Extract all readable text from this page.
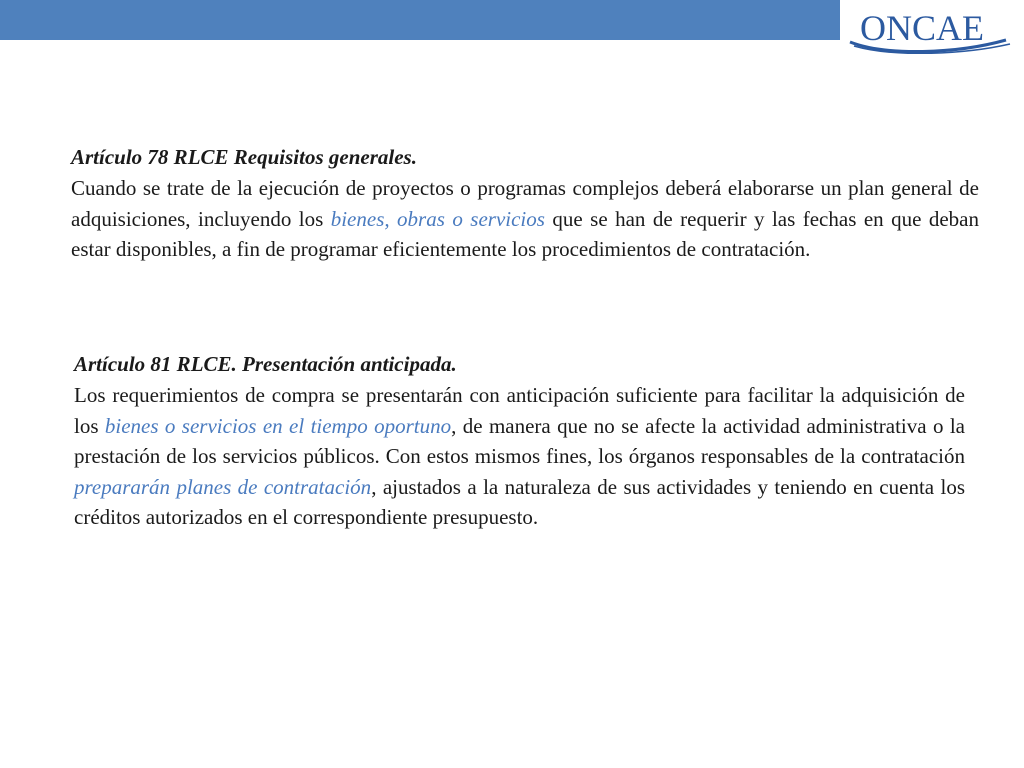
ONCAE
Artículo 78 RLCE Requisitos generales.
Cuando se trate de la ejecución de proyectos o programas complejos deberá elaborarse un plan general de adquisiciones, incluyendo los bienes, obras o servicios que se han de requerir y las fechas en que deban estar disponibles, a fin de programar eficientemente los procedimientos de contratación.
Artículo 81 RLCE. Presentación anticipada.
Los requerimientos de compra se presentarán con anticipación suficiente para facilitar la adquisición de los bienes o servicios en el tiempo oportuno, de manera que no se afecte la actividad administrativa o la prestación de los servicios públicos. Con estos mismos fines, los órganos responsables de la contratación prepararán planes de contratación, ajustados a la naturaleza de sus actividades y teniendo en cuenta los créditos autorizados en el correspondiente presupuesto.
